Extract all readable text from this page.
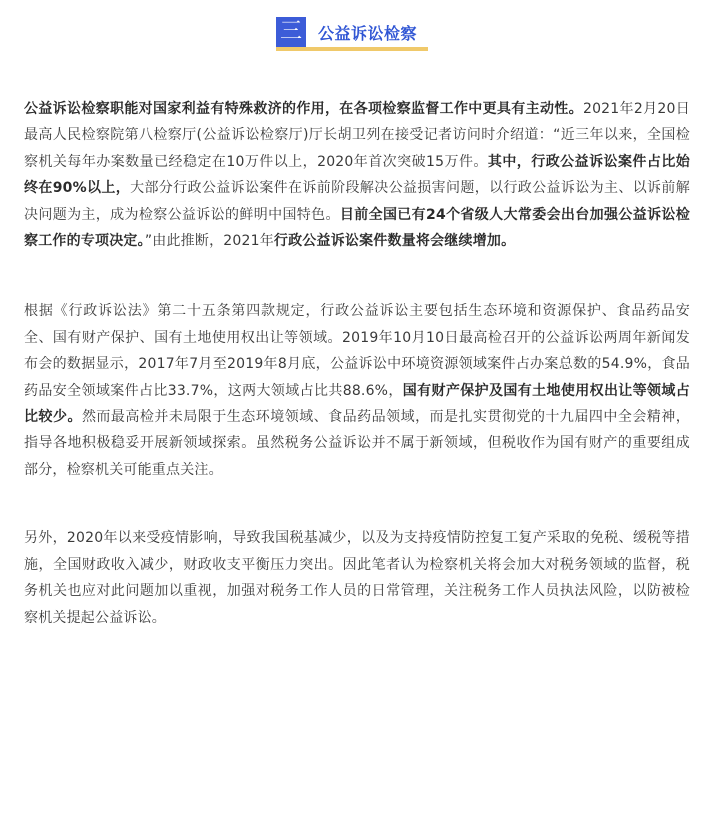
三 公益诉讼检察

公益诉讼检察职能对国家利益有特殊救济的作用，在各项检察监督工作中更具有主动性。2021年2月20日最高人民检察院第八检察厅(公益诉讼检察厅)厅长胡卫列在接受记者访问时介绍道：“近三年以来，全国检察机关每年办案数量已经稳定在10万件以上，2020年首次突破15万件。其中，行政公益诉讼案件占比始终在90%以上，大部分行政公益诉讼案件在诉前阶段解决公益损害问题，以行政公益诉讼为主、以诉前解决问题为主，成为检察公益诉讼的鲜明中国特色。目前全国已有24个省级人大常委会出台加强公益诉讼检察工作的专项决定。”由此推断，2021年行政公益诉讼案件数量将会继续增加。

根据《行政诉讼法》第二十五条第四款规定，行政公益诉讼主要包括生态环境和资源保护、食品药品安全、国有财产保护、国有土地使用权出让等领域。2019年10月10日最高检召开的公益诉讼两周年新闻发布会的数据显示，2017年7月至2019年8月底，公益诉讼中环境资源领域案件占办案总数的54.9%，食品药品安全领域案件占比33.7%，这两大领域占比共88.6%，国有财产保护及国有土地使用权出让等领域占比较少。然而最高检并未局限于生态环境领域、食品药品领域，而是扎实贯彻党的十九届四中全会精神，指导各地积极稳妥开展新领域探索。虽然税务公益诉讼并不属于新领域，但税收作为国有财产的重要组成部分，检察机关可能重点关注。

另外，2020年以来受疫情影响，导致我国税基减少，以及为支持疫情防控复工复产采取的免税、缓税等措施，全国财政收入减少，财政收支平衡压力突出。因此笔者认为检察机关将会加大对税务领域的监督，税务机关也应对此问题加以重视，加强对税务工作人员的日常管理，关注税务工作人员执法风险，以防被检察机关提起公益诉讼。
